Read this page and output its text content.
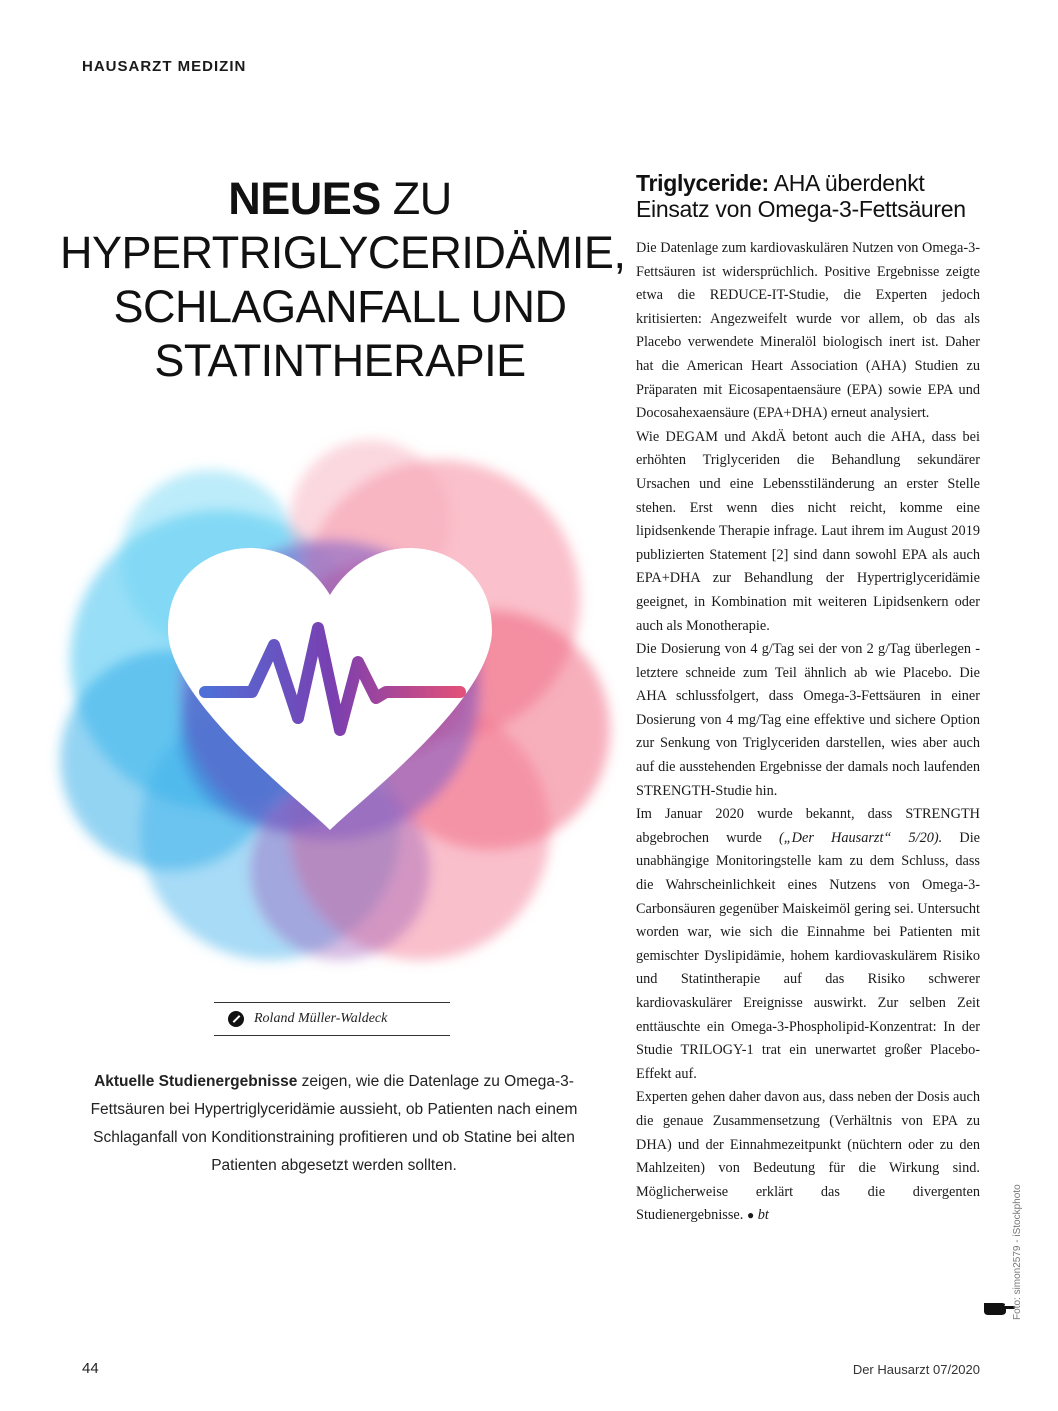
HAUSARZT MEDIZIN
NEUES ZU
HYPERTRIGLYCERIDÄMIE,
SCHLAGANFALL UND
STATINTHERAPIE
Roland Müller-Waldeck
Aktuelle Studienergebnisse zeigen, wie die Datenlage zu Omega-3-Fettsäuren bei Hypertriglyceridämie aussieht, ob Patienten nach einem Schlaganfall von Konditionstraining profitieren und ob Statine bei alten Patienten abgesetzt werden sollten.
Triglyceride: AHA überdenkt Einsatz von Omega-3-Fettsäuren

Die Datenlage zum kardiovaskulären Nutzen von Omega-3-Fettsäuren ist widersprüchlich. Positive Ergebnisse zeigte etwa die REDUCE-IT-Studie, die Experten jedoch kritisierten: Angezweifelt wurde vor allem, ob das als Placebo verwendete Mineralöl biologisch inert ist. Daher hat die American Heart Association (AHA) Studien zu Präparaten mit Eicosapentaensäure (EPA) sowie EPA und Docosahexaensäure (EPA+DHA) erneut analysiert.

Wie DEGAM und AkdÄ betont auch die AHA, dass bei erhöhten Triglyceriden die Behandlung sekundärer Ursachen und eine Lebensstiländerung an erster Stelle stehen. Erst wenn dies nicht reicht, komme eine lipidsenkende Therapie infrage. Laut ihrem im August 2019 publizierten Statement [2] sind dann sowohl EPA als auch EPA+DHA zur Behandlung der Hypertriglyceridämie geeignet, in Kombination mit weiteren Lipidsenkern oder auch als Monotherapie.

Die Dosierung von 4 g/Tag sei der von 2 g/Tag überlegen - letztere schneide zum Teil ähnlich ab wie Placebo. Die AHA schlussfolgert, dass Omega-3-Fettsäuren in einer Dosierung von 4 mg/Tag eine effektive und sichere Option zur Senkung von Triglyceriden darstellen, wies aber auch auf die ausstehenden Ergebnisse der damals noch laufenden STRENGTH-Studie hin.

Im Januar 2020 wurde bekannt, dass STRENGTH abgebrochen wurde („Der Hausarzt“ 5/20). Die unabhängige Monitoringstelle kam zu dem Schluss, dass die Wahrscheinlichkeit eines Nutzens von Omega-3-Carbonsäuren gegenüber Maiskeimöl gering sei. Untersucht worden war, wie sich die Einnahme bei Patienten mit gemischter Dyslipidämie, hohem kardiovaskulärem Risiko und Statintherapie auf das Risiko schwerer kardiovaskulärer Ereignisse auswirkt. Zur selben Zeit enttäuschte ein Omega-3-Phospholipid-Konzentrat: In der Studie TRILOGY-1 trat ein unerwartet großer Placebo-Effekt auf.

Experten gehen daher davon aus, dass neben der Dosis auch die genaue Zusammensetzung (Verhältnis von EPA zu DHA) und der Einnahmezeitpunkt (nüchtern oder zu den Mahlzeiten) von Bedeutung für die Wirkung sind. Möglicherweise erklärt das die divergenten Studienergebnisse. ● bt	Foto: simon2579 - iStockphoto
44	Der Hausarzt 07/2020
